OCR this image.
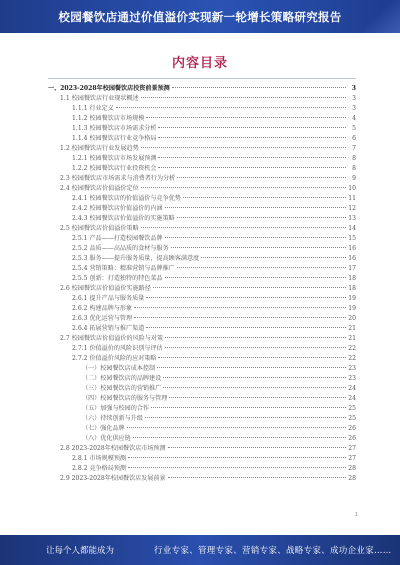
校园餐饮店通过价值溢价实现新一轮增长策略研究报告
内容目录
一、2023-2028年校园餐饮店投资前景预测	3
1.1 校园餐饮店行业现状概述	3
1.1.1 行业定义	3
1.1.2 校园餐饮店市场规模	4
1.1.3 校园餐饮店市场需求分析	5
1.1.4 校园餐饮店行业竞争格局	6
1.2 校园餐饮店行业发展趋势	7
1.2.1 校园餐饮店市场发展预测	8
1.2.2 校园餐饮店行业投资机会	8
2.3 校园餐饮店市场需求与消费者行为分析	9
2.4 校园餐饮店价值溢价定位	10
2.4.1 校园餐饮店的价值溢价与竞争优势	11
2.4.2 校园餐饮店价值溢价的内涵	12
2.4.3 校园餐饮店价值溢价的实施策略	13
2.5 校园餐饮店价值溢价策略	14
2.5.1 产品——打造校园餐饮品牌	15
2.5.2 品质——高品质的食材与服务	16
2.5.3 服务——提升服务质量，提高顾客满意度	16
2.5.4 营销策略：精准营销与品牌推广	17
2.5.5 创新：打造独特的特色菜品	18
2.6 校园餐饮店价值溢价实施路径	18
2.6.1 提升产品与服务质量	19
2.6.2 构建品牌与形象	19
2.6.3 优化运营与管理	20
2.6.4 拓展营销与推广渠道	21
2.7 校园餐饮店价值溢价的风险与对策	21
2.7.1 价值溢价的风险识别与评估	22
2.7.2 价值溢价风险的应对策略	22
（一）校园餐饮店成本控制	23
（二）校园餐饮店的品牌建设	23
（三）校园餐饮店的营销推广	24
（四）校园餐饮店的服务与管理	24
（五）加强与校园的合作	25
（六）持续创新与升级	25
（七）强化品牌	26
（八）优化供应链	26
2.8 2023-2028年校园餐饮店市场预测	27
2.8.1 市场规模预测	27
2.8.2 竞争格局预测	28
2.9 2023-2028年校园餐饮店发展前景	28
1
让每个人都能成为	行业专家、管理专家、营销专家、战略专家、成功企业家……
